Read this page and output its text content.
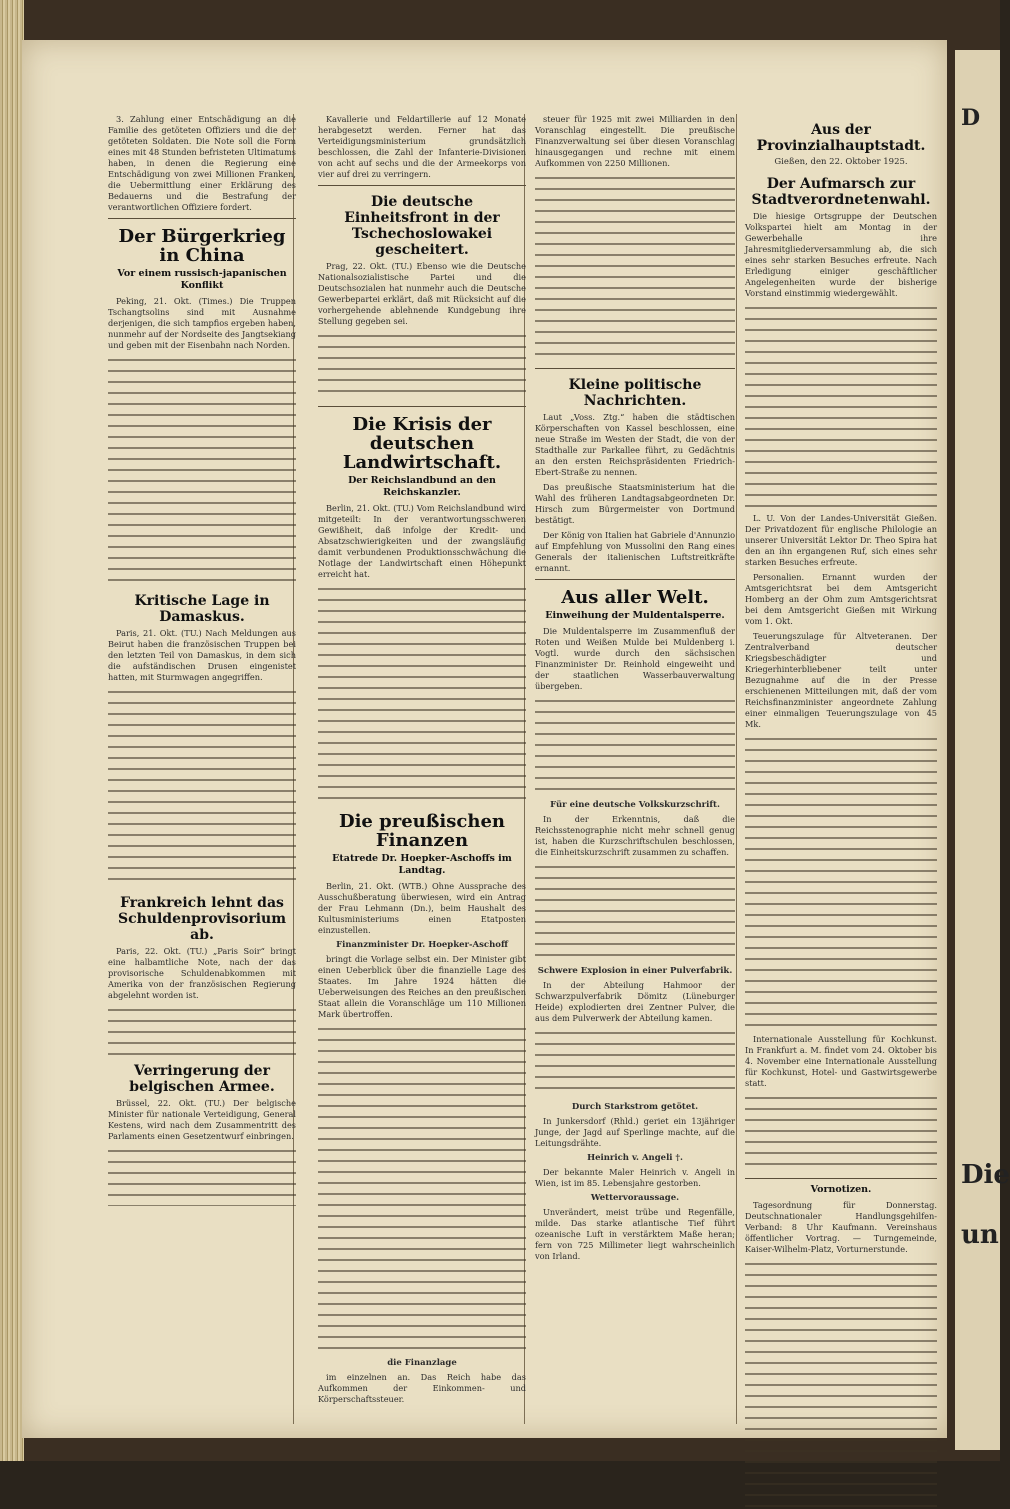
3. Zahlung einer Entschädigung an die Familie des getöteten Offiziers und die der getöteten Soldaten. Die Note soll die Form eines mit 48 Stunden befristeten Ultimatums haben, in denen die Regierung eine Entschädigung von zwei Millionen Franken, die Uebermittlung einer Erklärung des Bedauerns und die Bestrafung der verantwortlichen Offiziere fordert.

Der Bürgerkrieg in China
Vor einem russisch-japanischen Konflikt

Peking, 21. Okt. (Times.) Die Truppen Tschangtsolins sind mit Ausnahme derjenigen, die sich tampfios ergeben haben, nunmehr auf der Nordseite des Jangtsekiang und geben mit der Eisenbahn nach Norden.

Kritische Lage in Damaskus.

Paris, 21. Okt. (TU.) Nach Meldungen aus Beirut haben die französischen Truppen bei den letzten Teil von Damaskus, in dem sich die aufständischen Drusen eingenistet hatten, mit Sturmwagen angegriffen.

Frankreich lehnt das Schuldenprovisorium ab.

Paris, 22. Okt. (TU.) „Paris Soir“ bringt eine halbamtliche Note, nach der das provisorische Schuldenabkommen mit Amerika von der französischen Regierung abgelehnt worden ist.

Verringerung der belgischen Armee.

Brüssel, 22. Okt. (TU.) Der belgische Minister für nationale Verteidigung, General Kestens, wird nach dem Zusammentritt des Parlaments einen Gesetzentwurf einbringen.

Kavallerie und Feldartillerie auf 12 Monate herabgesetzt werden. Ferner hat das Verteidigungsministerium grundsätzlich beschlossen, die Zahl der Infanterie-Divisionen von acht auf sechs und die der Armeekorps von vier auf drei zu verringern.

Die deutsche Einheitsfront in der Tschechoslowakei gescheitert.

Prag, 22. Okt. (TU.) Ebenso wie die Deutsche Nationalsozialistische Partei und die Deutschsozialen hat nunmehr auch die Deutsche Gewerbepartei erklärt, daß mit Rücksicht auf die vorhergehende ablehnende Kundgebung ihre Stellung gegeben sei.

Die Krisis der deutschen Landwirtschaft.
Der Reichslandbund an den Reichskanzler.

Berlin, 21. Okt. (TU.) Vom Reichslandbund wird mitgeteilt: In der verantwortungsschweren Gewißheit, daß infolge der Kredit- und Absatzschwierigkeiten und der zwangsläufig damit verbundenen Produktionsschwächung die Notlage der Landwirtschaft einen Höhepunkt erreicht hat.

Die preußischen Finanzen
Etatrede Dr. Hoepker-Aschoffs im Landtag.

Berlin, 21. Okt. (WTB.) Ohne Aussprache des Ausschußberatung überwiesen, wird ein Antrag der Frau Lehmann (Dn.), beim Haushalt des Kultusministeriums einen Etatposten einzustellen.

Finanzminister Dr. Hoepker-Aschoff

bringt die Vorlage selbst ein. Der Minister gibt einen Ueberblick über die finanzielle Lage des Staates. Im Jahre 1924 hätten die Ueberweisungen des Reiches an den preußischen Staat allein die Voranschläge um 110 Millionen Mark übertroffen.

die Finanzlage

im einzelnen an. Das Reich habe das Aufkommen der Einkommen- und Körperschaftssteuer.

steuer für 1925 mit zwei Milliarden in den Voranschlag eingestellt. Die preußische Finanzverwaltung sei über diesen Voranschlag hinausgegangen und rechne mit einem Aufkommen von 2250 Millionen.

Kleine politische Nachrichten.

Laut „Voss. Ztg.“ haben die städtischen Körperschaften von Kassel beschlossen, eine neue Straße im Westen der Stadt, die von der Stadthalle zur Parkallee führt, zu Gedächtnis an den ersten Reichspräsidenten Friedrich-Ebert-Straße zu nennen.

Das preußische Staatsministerium hat die Wahl des früheren Landtagsabgeordneten Dr. Hirsch zum Bürgermeister von Dortmund bestätigt.

Der König von Italien hat Gabriele d'Annunzio auf Empfehlung von Mussolini den Rang eines Generals der italienischen Luftstreitkräfte ernannt.

Aus aller Welt.
Einweihung der Muldentalsperre.

Die Muldentalsperre im Zusammenfluß der Roten und Weißen Mulde bei Muldenberg i. Vogtl. wurde durch den sächsischen Finanzminister Dr. Reinhold eingeweiht und der staatlichen Wasserbauverwaltung übergeben.

Für eine deutsche Volkskurzschrift.

In der Erkenntnis, daß die Reichsstenographie nicht mehr schnell genug ist, haben die Kurzschriftschulen beschlossen, die Einheitskurzschrift zusammen zu schaffen.

Schwere Explosion in einer Pulverfabrik.

In der Abteilung Hahmoor der Schwarzpulverfabrik Dömitz (Lüneburger Heide) explodierten drei Zentner Pulver, die aus dem Pulverwerk der Abteilung kamen.

Durch Starkstrom getötet.

In Junkersdorf (Rhld.) geriet ein 13jähriger Junge, der Jagd auf Sperlinge machte, auf die Leitungsdrähte.

Heinrich v. Angeli †.

Der bekannte Maler Heinrich v. Angeli in Wien, ist im 85. Lebensjahre gestorben.

Wettervoraussage.

Unverändert, meist trübe und Regenfälle, milde. Das starke atlantische Tief führt ozeanische Luft in verstärktem Maße heran; fern von 725 Millimeter liegt wahrscheinlich von Irland.

Aus der Provinzialhauptstadt.
Gießen, den 22. Oktober 1925.
Der Aufmarsch zur Stadtverordnetenwahl.

Die hiesige Ortsgruppe der Deutschen Volkspartei hielt am Montag in der Gewerbehalle ihre Jahresmitgliederversammlung ab, die sich eines sehr starken Besuches erfreute. Nach Erledigung einiger geschäftlicher Angelegenheiten wurde der bisherige Vorstand einstimmig wiedergewählt.

L. U. Von der Landes-Universität Gießen. Der Privatdozent für englische Philologie an unserer Universität Lektor Dr. Theo Spira hat den an ihn ergangenen Ruf, sich eines sehr starken Besuches erfreute.

Personalien. Ernannt wurden der Amtsgerichtsrat bei dem Amtsgericht Homberg an der Ohm zum Amtsgerichtsrat bei dem Amtsgericht Gießen mit Wirkung vom 1. Okt.

Teuerungszulage für Altveteranen. Der Zentralverband deutscher Kriegsbeschädigter und Kriegerhinterbliebener teilt unter Bezugnahme auf die in der Presse erschienenen Mitteilungen mit, daß der vom Reichsfinanzminister angeordnete Zahlung einer einmaligen Teuerungszulage von 45 Mk.

Internationale Ausstellung für Kochkunst. In Frankfurt a. M. findet vom 24. Oktober bis 4. November eine Internationale Ausstellung für Kochkunst, Hotel- und Gastwirtsgewerbe statt.

Vornotizen.

Tagesordnung für Donnerstag. Deutschnationaler Handlungsgehilfen-Verband: 8 Uhr Kaufmann. Vereinshaus öffentlicher Vortrag. — Turngemeinde, Kaiser-Wilhelm-Platz, Vorturnerstunde.

D
Die
un
